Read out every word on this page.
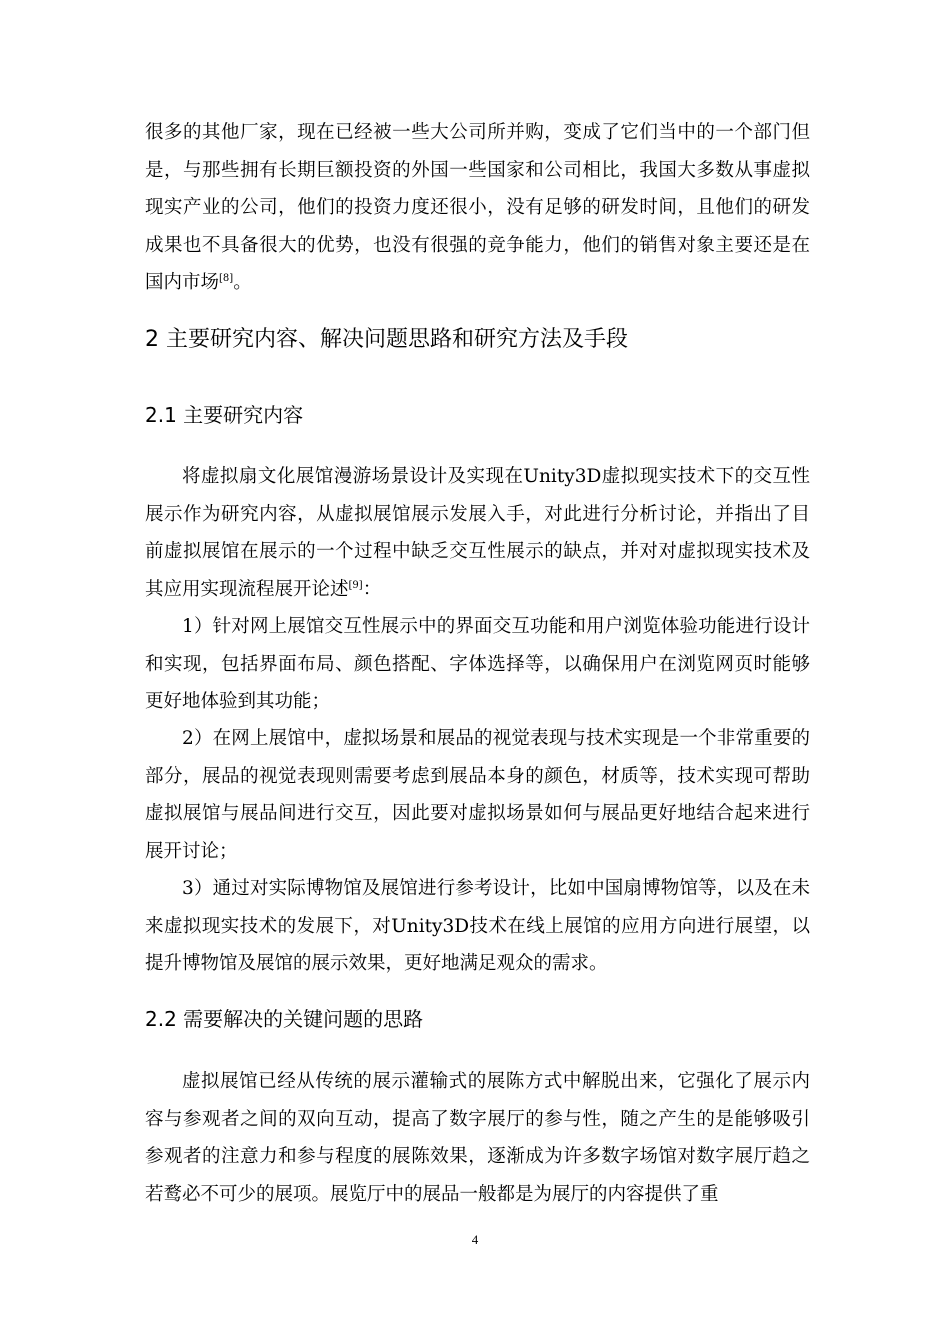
很多的其他厂家，现在已经被一些大公司所并购，变成了它们当中的一个部门但是，与那些拥有长期巨额投资的外国一些国家和公司相比，我国大多数从事虚拟现实产业的公司，他们的投资力度还很小，没有足够的研发时间，且他们的研发成果也不具备很大的优势，也没有很强的竞争能力，他们的销售对象主要还是在国内市场[8]。

2 主要研究内容、解决问题思路和研究方法及手段
2.1 主要研究内容

将虚拟扇文化展馆漫游场景设计及实现在Unity3D虚拟现实技术下的交互性展示作为研究内容，从虚拟展馆展示发展入手，对此进行分析讨论，并指出了目前虚拟展馆在展示的一个过程中缺乏交互性展示的缺点，并对对虚拟现实技术及其应用实现流程展开论述[9]：

1）针对网上展馆交互性展示中的界面交互功能和用户浏览体验功能进行设计和实现，包括界面布局、颜色搭配、字体选择等，以确保用户在浏览网页时能够更好地体验到其功能；

2）在网上展馆中，虚拟场景和展品的视觉表现与技术实现是一个非常重要的部分，展品的视觉表现则需要考虑到展品本身的颜色，材质等，技术实现可帮助虚拟展馆与展品间进行交互，因此要对虚拟场景如何与展品更好地结合起来进行展开讨论；

3）通过对实际博物馆及展馆进行参考设计，比如中国扇博物馆等，以及在未来虚拟现实技术的发展下，对Unity3D技术在线上展馆的应用方向进行展望，以提升博物馆及展馆的展示效果，更好地满足观众的需求。

2.2 需要解决的关键问题的思路

虚拟展馆已经从传统的展示灌输式的展陈方式中解脱出来，它强化了展示内容与参观者之间的双向互动，提高了数字展厅的参与性，随之产生的是能够吸引参观者的注意力和参与程度的展陈效果，逐渐成为许多数字场馆对数字展厅趋之若鹜必不可少的展项。展览厅中的展品一般都是为展厅的内容提供了重

4
